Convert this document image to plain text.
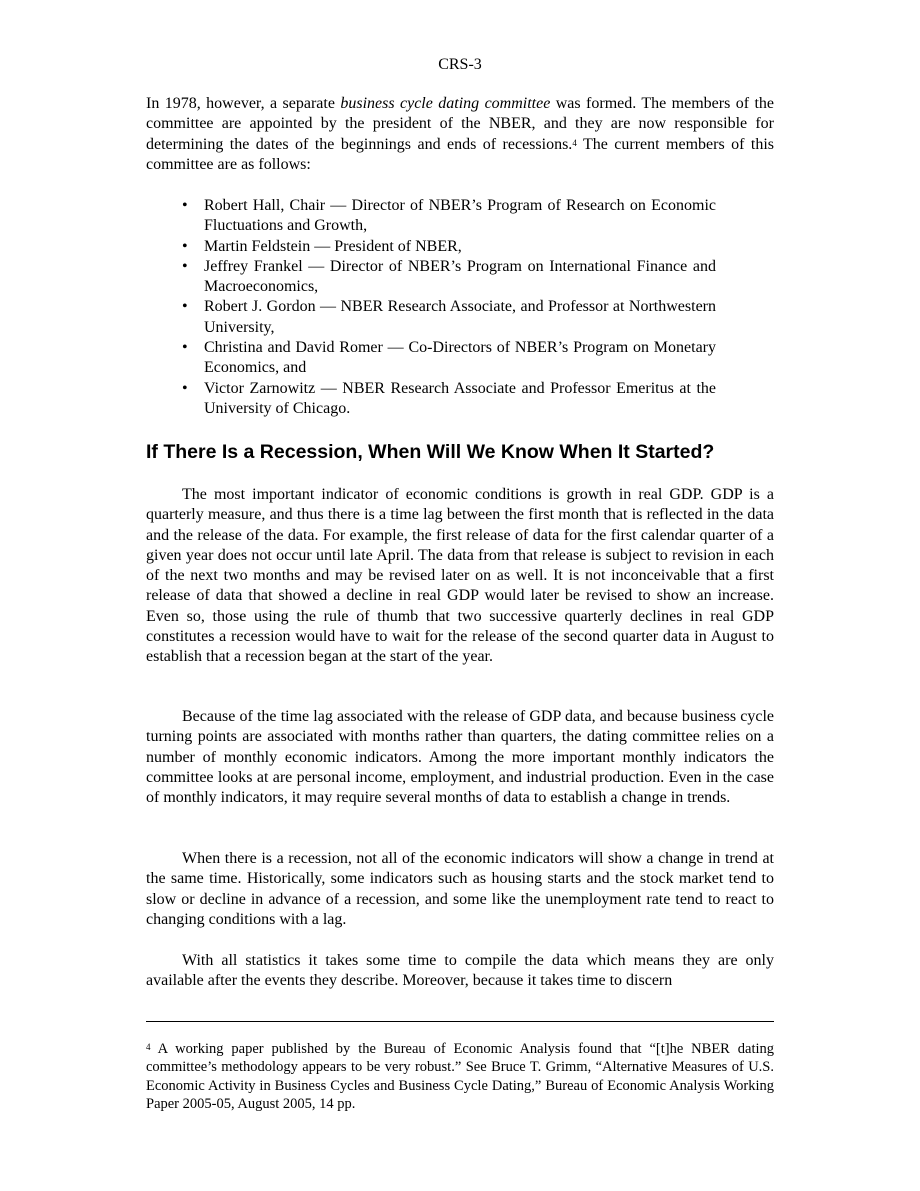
CRS-3

In 1978, however, a separate business cycle dating committee was formed. The members of the committee are appointed by the president of the NBER, and they are now responsible for determining the dates of the beginnings and ends of recessions.$^4$ The current members of this committee are as follows:

• Robert Hall, Chair — Director of NBER’s Program of Research on Economic Fluctuations and Growth,
• Martin Feldstein — President of NBER,
• Jeffrey Frankel — Director of NBER’s Program on International Finance and Macroeconomics,
• Robert J. Gordon — NBER Research Associate, and Professor at Northwestern University,
• Christina and David Romer — Co-Directors of NBER’s Program on Monetary Economics, and
• Victor Zarnowitz — NBER Research Associate and Professor Emeritus at the University of Chicago.
If There Is a Recession, When Will We Know When It Started?

The most important indicator of economic conditions is growth in real GDP. GDP is a quarterly measure, and thus there is a time lag between the first month that is reflected in the data and the release of the data. For example, the first release of data for the first calendar quarter of a given year does not occur until late April. The data from that release is subject to revision in each of the next two months and may be revised later on as well. It is not inconceivable that a first release of data that showed a decline in real GDP would later be revised to show an increase. Even so, those using the rule of thumb that two successive quarterly declines in real GDP constitutes a recession would have to wait for the release of the second quarter data in August to establish that a recession began at the start of the year.

Because of the time lag associated with the release of GDP data, and because business cycle turning points are associated with months rather than quarters, the dating committee relies on a number of monthly economic indicators. Among the more important monthly indicators the committee looks at are personal income, employment, and industrial production. Even in the case of monthly indicators, it may require several months of data to establish a change in trends.

When there is a recession, not all of the economic indicators will show a change in trend at the same time. Historically, some indicators such as housing starts and the stock market tend to slow or decline in advance of a recession, and some like the unemployment rate tend to react to changing conditions with a lag.

With all statistics it takes some time to compile the data which means they are only available after the events they describe. Moreover, because it takes time to discern

$^4$ A working paper published by the Bureau of Economic Analysis found that “[t]he NBER dating committee’s methodology appears to be very robust.” See Bruce T. Grimm, “Alternative Measures of U.S. Economic Activity in Business Cycles and Business Cycle Dating,” Bureau of Economic Analysis Working Paper 2005-05, August 2005, 14 pp.
